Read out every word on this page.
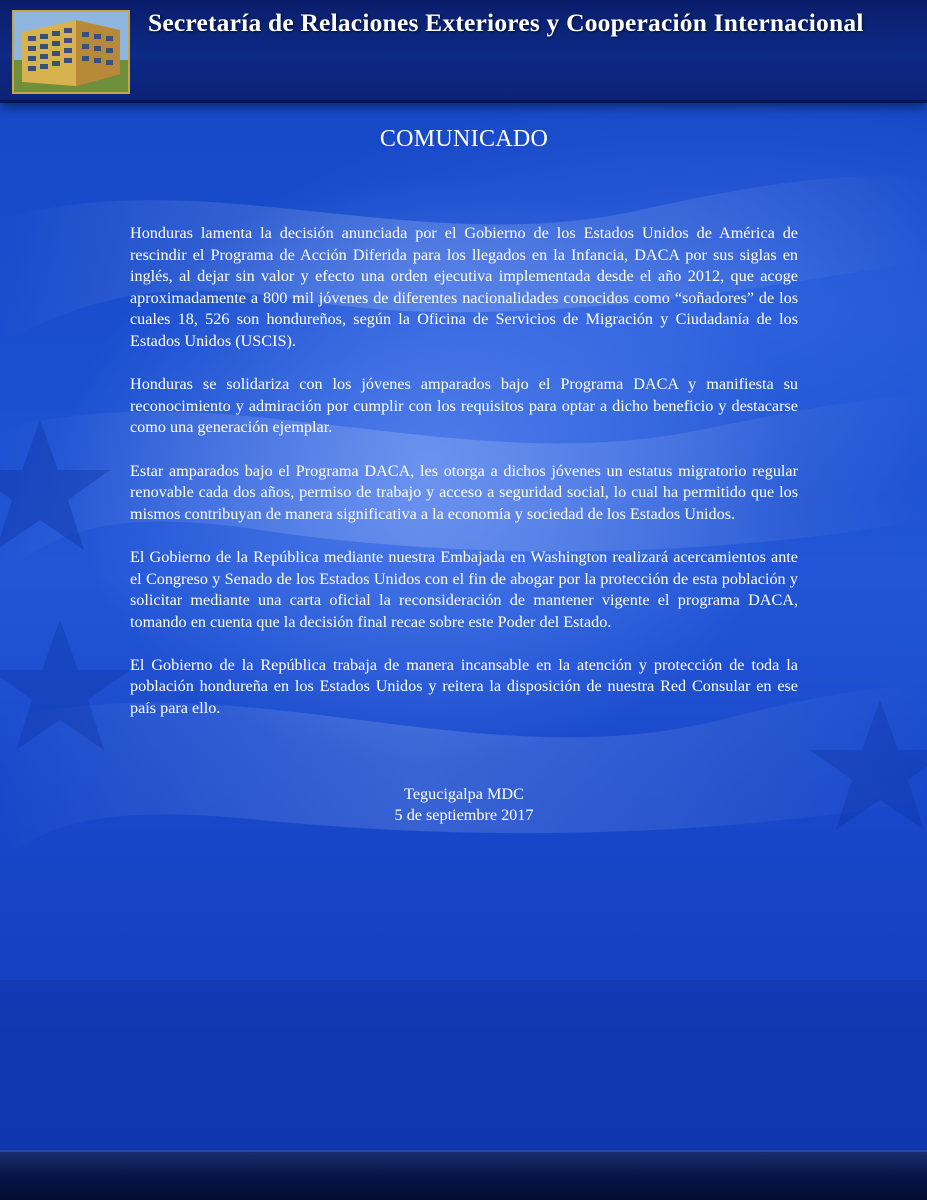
Secretaría de Relaciones Exteriores y Cooperación Internacional
COMUNICADO

Honduras lamenta la decisión anunciada por el Gobierno de los Estados Unidos de América de rescindir el Programa de Acción Diferida para los llegados en la Infancia, DACA por sus siglas en inglés, al dejar sin valor y efecto una orden ejecutiva implementada desde el año 2012, que acoge aproximadamente a 800 mil jóvenes de diferentes nacionalidades conocidos como “soñadores” de los cuales 18, 526 son hondureños, según la Oficina de Servicios de Migración y Ciudadanía de los Estados Unidos (USCIS).

Honduras se solidariza con los jóvenes amparados bajo el Programa DACA y manifiesta su reconocimiento y admiración por cumplir con los requisitos para optar a dicho beneficio y destacarse como una generación ejemplar.

Estar amparados bajo el Programa DACA, les otorga a dichos jóvenes un estatus migratorio regular renovable cada dos años, permiso de trabajo y acceso a seguridad social, lo cual ha permitido que los mismos contribuyan de manera significativa a la economía y sociedad de los Estados Unidos.

El Gobierno de la República mediante nuestra Embajada en Washington realizará acercamientos ante el Congreso y Senado de los Estados Unidos con el fin de abogar por la protección de esta población y solicitar mediante una carta oficial la reconsideración de mantener vigente el programa DACA, tomando en cuenta que la decisión final recae sobre este Poder del Estado.

El Gobierno de la República trabaja de manera incansable en la atención y protección de toda la población hondureña en los Estados Unidos y reitera la disposición de nuestra Red Consular en ese país para ello.

Tegucigalpa MDC
5 de septiembre 2017
